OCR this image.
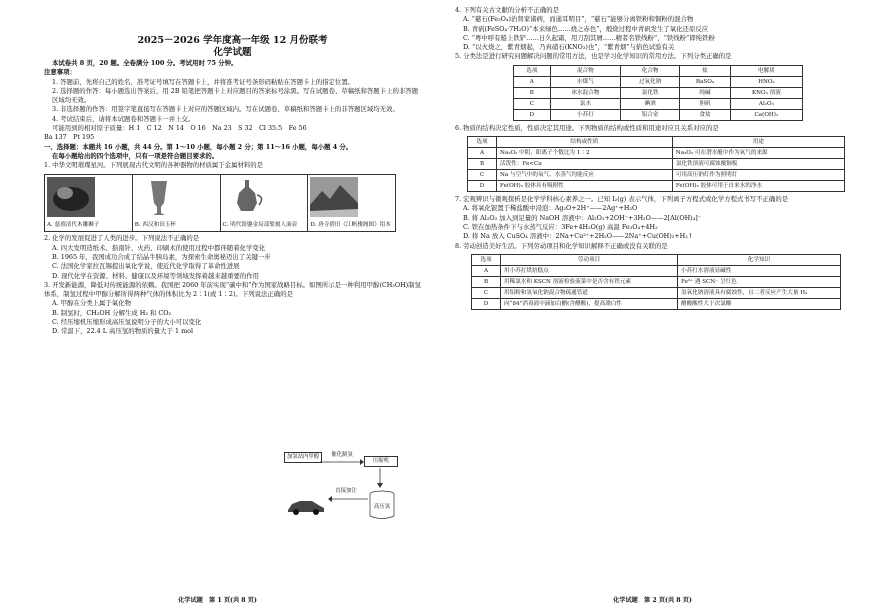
2025－2026 学年度高一年级 12 月份联考
化学试题

本试卷共 8 页，20 题。全卷满分 100 分。考试用时 75 分钟。

注意事项：

1. 答题前，先将自己的姓名、准考证号填写在答题卡上，并将准考证号条形码粘贴在答题卡上的指定位置。

2. 选择题的作答：每小题选出答案后，用 2B 铅笔把答题卡上对应题目的答案标号涂黑。写在试题卷、草稿纸和答题卡上的非答题区域均无效。

3. 非选择题的作答：用签字笔直接写在答题卡上对应的答题区域内。写在试题卷、草稿纸和答题卡上的非答题区域均无效。

4. 考试结束后，请将本试题卷和答题卡一并上交。

可能用到的相对原子质量：H 1　C 12　N 14　O 16　Na 23　S 32　Cl 35.5　Fe 56

Ba 137　Pt 195

一、选择题：本题共 16 小题，共 44 分。第 1～10 小题，每小题 2 分；第 11～16 小题，每小题 4 分。

在每小题给出的四个选项中，只有一项是符合题目要求的。

1. 中华文明璀璨星河。下列展现古代文明的各种器物的材质属于金属材料的是

A. 慈禧清代木雕狮子	B. 西汉和田玉杯	C. 明代银鎏金局部錾刻人面壶	D. 唐寺碧田《江帆楼阁图》绢本

2. 化学的发展促进了人类的进步。下列说法不正确的是

A. 四大发明造纸术、指南针、火药、印刷术的使用过程中都伴随着化学变化

B. 1965 年，我国成功合成了结晶牛胰岛素，为探索生命奥秘迈出了关键一步

C. 法国化学家拉瓦锡提出氧化学说，使近代化学取得了革命性进展

D. 现代化学在资源、材料、健康以及环境等领域发挥着越来越重要的作用

3. 开发新能源，降低对传统能源的依赖。我国把 2060 年前实现“碳中和”作为国家战略目标。如图所示是一种利用甲醇(CH₃OH)制氢体系，制氢过程中甲醇分解所得两种气体的体积比为 2∶1(或 1∶2)。下列说法正确的是

A. 甲醇在分类上属于氧化物

B. 制氢时，CH₃OH 分解生成 H₂ 和 CO₂

C. 经压缩机压缩形成高压氢说明分子的大小可以变化

D. 常温下，22.4 L 高压氢的物质的量大于 1 mol

加氢站内甲醇	催化制氢
压缩机
高压氢
直接加注
化学试题　第 1 页(共 8 页)

4. 下列有关古文献的分析不正确的是

A. “慈石(Fe₃O₄)治肾家诸病，而通耳明目”，“慈石”能够分离铁粉和铜粉的混合物

B. 青矾(FeSO₄·7H₂O)“本来绿色……烧之赤色”，煅烧过程中青矾发生了氧化还原反应

C. “粤中呼有船上铁铲……日久起霜，用刀刮其屑……精者名铁线粉”，“铁线粉”即纯铁粉

D. “以火烧之，紫青烟起，乃真硝石(KNO₃)也”，“紫青烟”与焰色试验有关

5. 分类法是进行研究问题解决问题的常用方法，也是学习化学知识的常用方法。下列分类正确的是

选项	混合物	化合物	盐	电解质
A	水煤气	过氧化钠	BaSO₄	HNO₃
B	冰水混合物	氯化铁	纯碱	KNO₃ 溶液
C	氯水	碘酒	胆矾	Al₂O₃
D	小苏打	铝合金	食盐	Ca(OH)₂

6. 物质的结构决定性质，性质决定其用途。下列物质的结构或性质和用途对应且关系对应的是

选项	结构或性质	用途
A	Na₂O₂ 中阴、阳离子个数比为 1∶2	Na₂O₂ 可在潜水艇中作为氧气的来源
B	活泼性：Fe<Cu	氯化铁溶液可腐蚀覆铜板
C	Na 与空气中的氧气、水蒸气均能反应	可用高压钠灯作为照明灯
D	Fe(OH)₃ 胶体具有吸附性	Fe(OH)₃ 胶体可用于自来水的净水

7. 宏观辨识与微观探析是化学学科核心素养之一。已知 I₂(g) 表示气体，下列离子方程式或化学方程式书写不正确的是

A. 将氧化银置于稀盐酸中浸泡：Ag₂O+2H⁺——2Ag⁺+H₂O

B. 将 Al₂O₃ 加入到足量的 NaOH 溶液中：Al₂O₃+2OH⁻+3H₂O——2[Al(OH)₄]⁻

C. 铁在加热条件下与水蒸气反应：3Fe+4H₂O(g) 高温 Fe₃O₄+4H₂

D. 将 Na 放入 CuSO₄ 溶液中：2Na+Cu²⁺+2H₂O——2Na⁺+Cu(OH)₂+H₂↑

8. 劳动创造美好生活。下列劳动项目和化学知识解释不正确或没有关联的是

选项	劳动项目	化学知识
A	用小苏打烘焙糕点	小苏打水溶液显碱性
B	用稀氯水和 KSCN 溶液检验菠菜中是否含有铁元素	Fe³⁺ 遇 SCN⁻ 呈红色
C	用铝粉和氢氧化钠混合物疏通管道	氢氧化钠溶液具有腐蚀性，且二者反应产生大量 H₂
D	向“84”消毒液中滴加白醋(含醋酸)，提高漂白性	醋酸酸性大于次氯酸
化学试题　第 2 页(共 8 页)
